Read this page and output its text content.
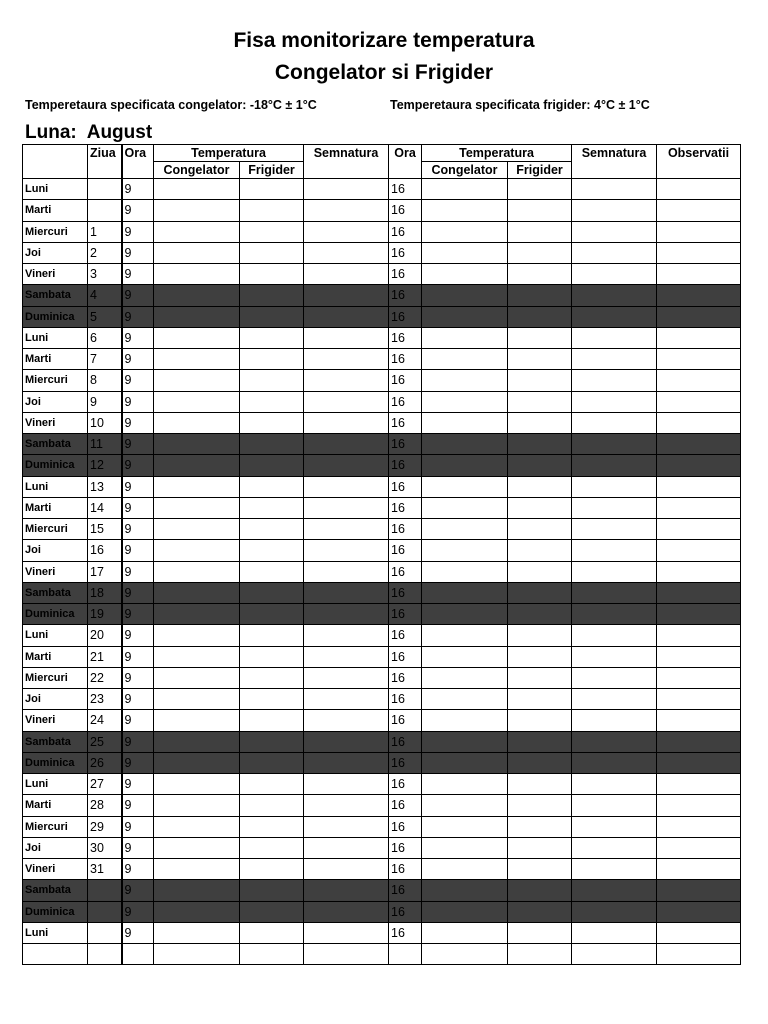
Fisa monitorizare temperatura
Congelator si Frigider
Temperetaura specificata congelator: -18°C ± 1°C	Temperetaura specificata frigider: 4°C ± 1°C
Luna: August
	Ziua	Ora	Temperatura		Semnatura	Ora	Temperatura		Semnatura	Observatii
			Congelator	Frigider			Congelator	Frigider		
Luni		9				16				
Marti		9				16				
Miercuri	1	9				16				
Joi	2	9				16				
Vineri	3	9				16				
Sambata	4	9				16				
Duminica	5	9				16				
Luni	6	9				16				
Marti	7	9				16				
Miercuri	8	9				16				
Joi	9	9				16				
Vineri	10	9				16				
Sambata	11	9				16				
Duminica	12	9				16				
Luni	13	9				16				
Marti	14	9				16				
Miercuri	15	9				16				
Joi	16	9				16				
Vineri	17	9				16				
Sambata	18	9				16				
Duminica	19	9				16				
Luni	20	9				16				
Marti	21	9				16				
Miercuri	22	9				16				
Joi	23	9				16				
Vineri	24	9				16				
Sambata	25	9				16				
Duminica	26	9				16				
Luni	27	9				16				
Marti	28	9				16				
Miercuri	29	9				16				
Joi	30	9				16				
Vineri	31	9				16				
Sambata		9				16				
Duminica		9				16				
Luni		9				16				
